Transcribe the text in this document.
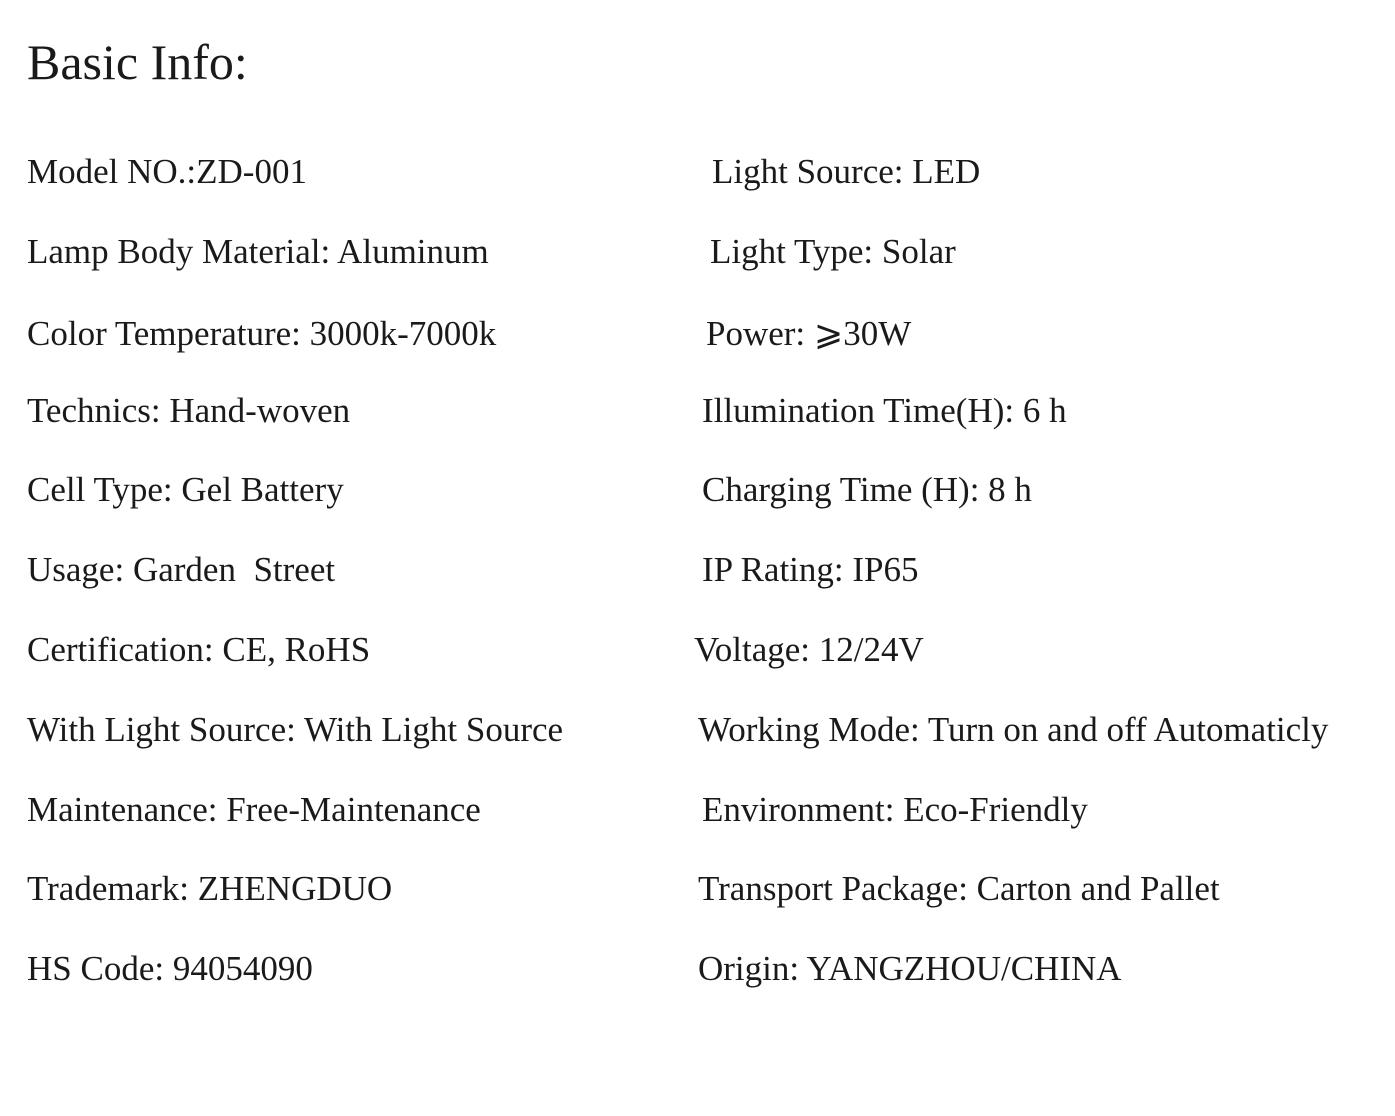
Basic Info:
Model NO.:ZD-001
Lamp Body Material: Aluminum
Color Temperature: 3000k-7000k
Technics: Hand-woven
Cell Type: Gel Battery
Usage: Garden  Street
Certification: CE, RoHS
With Light Source: With Light Source
Maintenance: Free-Maintenance
Trademark: ZHENGDUO
HS Code: 94054090
Light Source: LED
Light Type: Solar
Power: ⩾30W
Illumination Time(H): 6 h
Charging Time (H): 8 h
IP Rating: IP65
Voltage: 12/24V
Working Mode: Turn on and off Automaticly
Environment: Eco-Friendly
Transport Package: Carton and Pallet
Origin: YANGZHOU/CHINA
